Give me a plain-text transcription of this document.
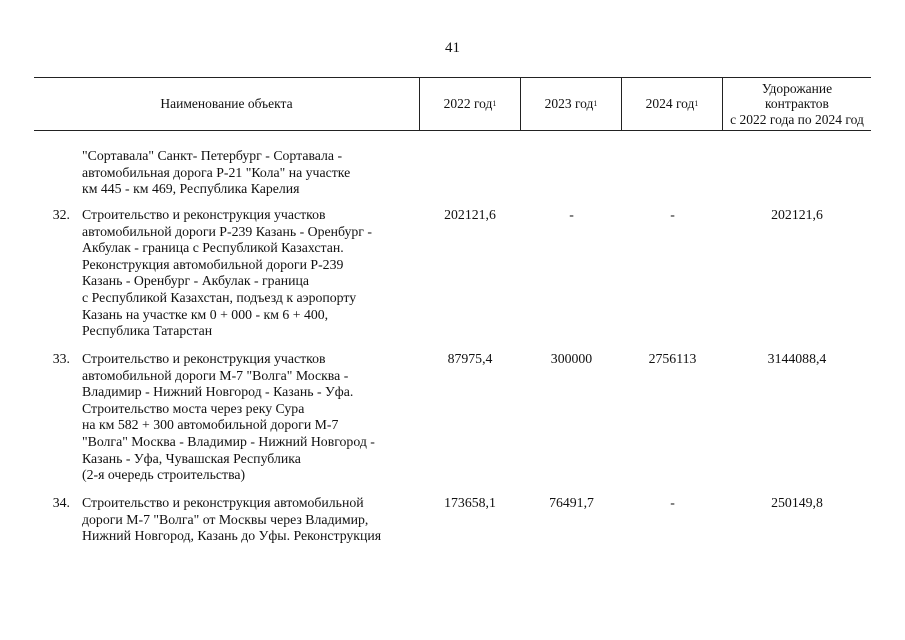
41
Наименование объекта	2022 год 1	2023 год 1	2024 год 1
Удорожание
контрактов
с 2022 года по 2024 год
"Сортавала" Санкт- Петербург - Сортавала -
автомобильная дорога Р-21 "Кола" на участке
км 445 - км 469, Республика Карелия
32. Строительство и реконструкция участков
автомобильной дороги Р-239 Казань - Оренбург -
Акбулак - граница с Республикой Казахстан.
Реконструкция автомобильной дороги Р-239
Казань - Оренбург - Акбулак - граница
с Республикой Казахстан, подъезд к аэропорту
Казань на участке км 0 + 000 - км 6 + 400,
Республика Татарстан
202121,6	-	-	202121,6
33. Строительство и реконструкция участков
автомобильной дороги М-7 "Волга" Москва -
Владимир - Нижний Новгород - Казань - Уфа.
Строительство моста через реку Сура
на км 582 + 300 автомобильной дороги М-7
"Волга" Москва - Владимир - Нижний Новгород -
Казань - Уфа, Чувашская Республика
(2-я очередь строительства)
87975,4	300000	2756113	3144088,4
34. Строительство и реконструкция автомобильной
дороги М-7 "Волга" от Москвы через Владимир,
Нижний Новгород, Казань до Уфы. Реконструкция
173658,1	76491,7	-	250149,8
